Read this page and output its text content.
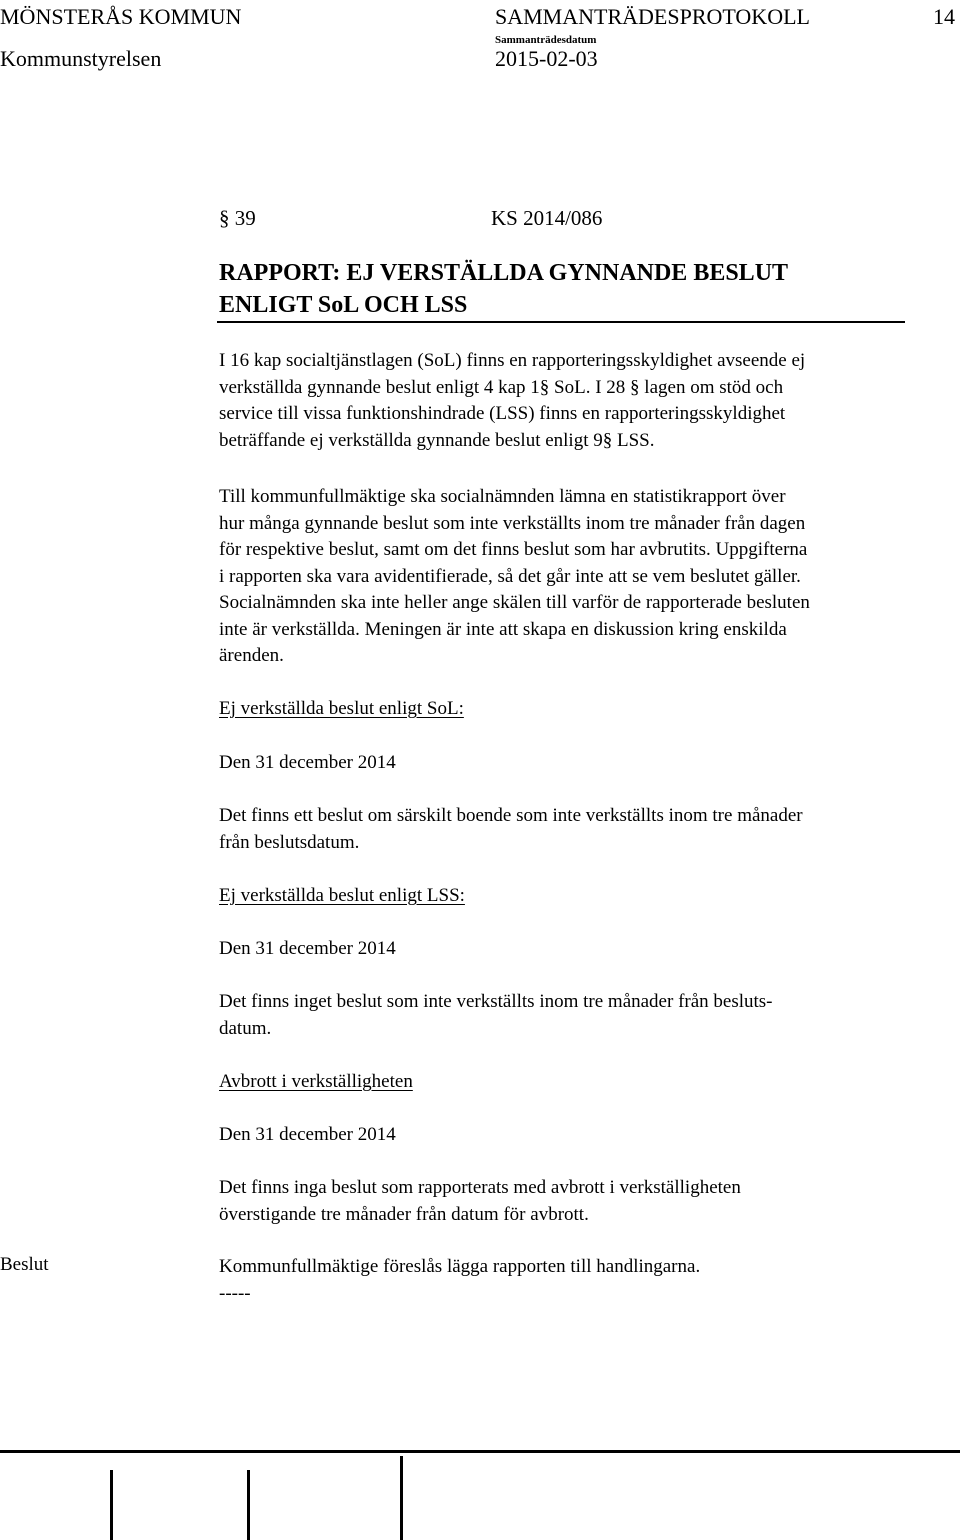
MÖNSTERÅS KOMMUN	SAMMANTRÄDESPROTOKOLL	14
Sammanträdesdatum
Kommunstyrelsen	2015-02-03
§ 39	KS 2014/086
RAPPORT: EJ VERSTÄLLDA GYNNANDE BESLUT
ENLIGT SoL OCH LSS
I 16 kap socialtjänstlagen (SoL) finns en rapporteringsskyldighet avseende ej
verkställda gynnande beslut enligt 4 kap 1§ SoL. I 28 § lagen om stöd och
service till vissa funktionshindrade (LSS) finns en rapporteringsskyldighet
beträffande ej verkställda gynnande beslut enligt 9§ LSS.
Till kommunfullmäktige ska socialnämnden lämna en statistikrapport över
hur många gynnande beslut som inte verkställts inom tre månader från dagen
för respektive beslut, samt om det finns beslut som har avbrutits. Uppgifterna
i rapporten ska vara avidentifierade, så det går inte att se vem beslutet gäller.
Socialnämnden ska inte heller ange skälen till varför de rapporterade besluten
inte är verkställda. Meningen är inte att skapa en diskussion kring enskilda
ärenden.
Ej verkställda beslut enligt SoL:
Den 31 december 2014
Det finns ett beslut om särskilt boende som inte verkställts inom tre månader
från beslutsdatum.
Ej verkställda beslut enligt LSS:
Den 31 december 2014
Det finns inget beslut som inte verkställts inom tre månader från besluts-
datum.
Avbrott i verkställigheten
Den 31 december 2014
Det finns inga beslut som rapporterats med avbrott i verkställigheten
överstigande tre månader från datum för avbrott.
Beslut	Kommunfullmäktige föreslås lägga rapporten till handlingarna.
-----
